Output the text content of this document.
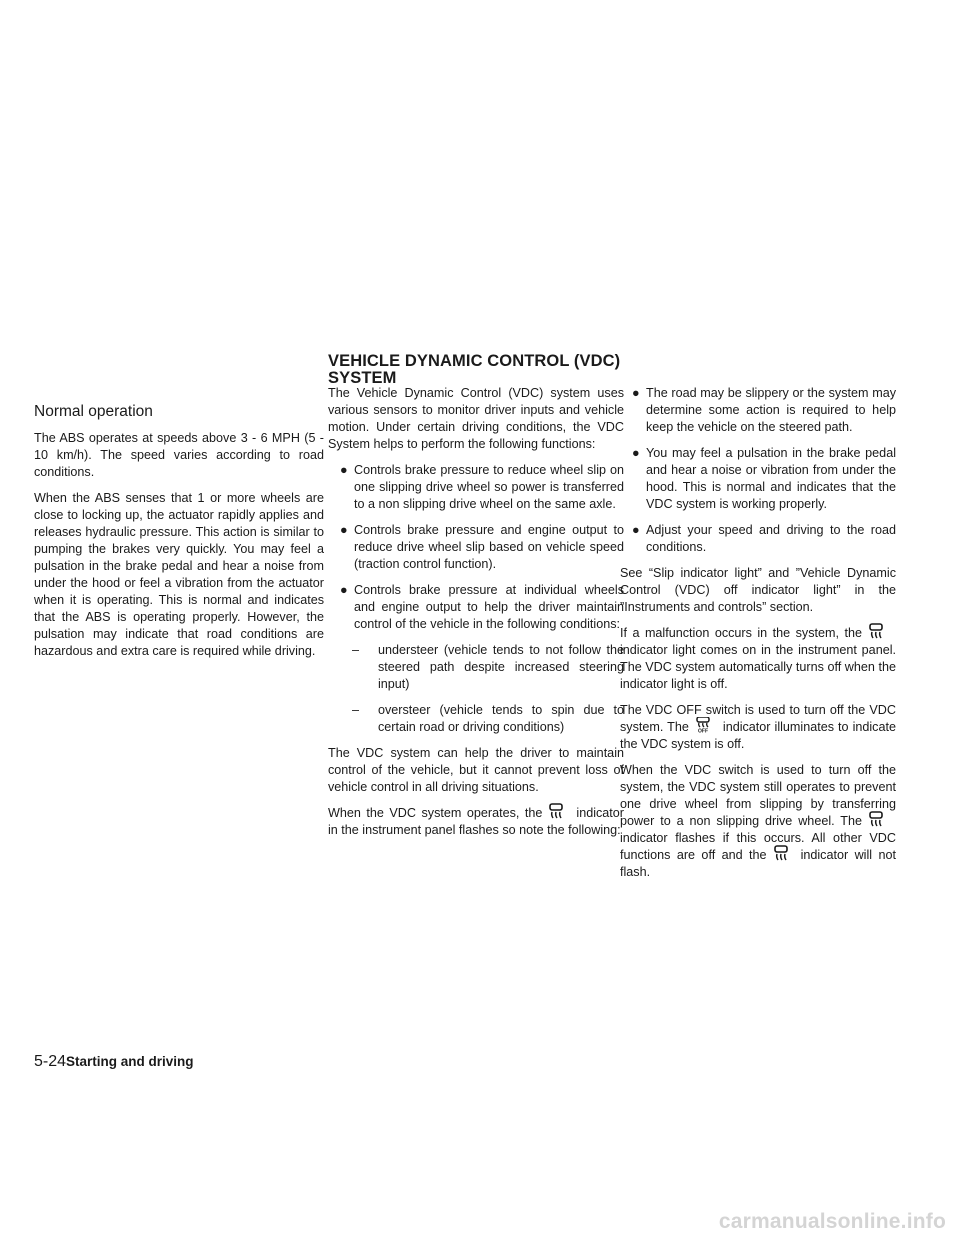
VEHICLE DYNAMIC CONTROL (VDC)
SYSTEM
Normal operation

The ABS operates at speeds above 3 - 6 MPH (5 - 10 km/h). The speed varies according to road conditions.

When the ABS senses that 1 or more wheels are close to locking up, the actuator rapidly applies and releases hydraulic pressure. This action is similar to pumping the brakes very quickly. You may feel a pulsation in the brake pedal and hear a noise from under the hood or feel a vibration from the actuator when it is operating. This is normal and indicates that the ABS is operating properly. However, the pulsation may indicate that road conditions are hazardous and extra care is required while driving.

The Vehicle Dynamic Control (VDC) system uses various sensors to monitor driver inputs and vehicle motion. Under certain driving conditions, the VDC System helps to perform the following functions:

● Controls brake pressure to reduce wheel slip on one slipping drive wheel so power is transferred to a non slipping drive wheel on the same axle.
● Controls brake pressure and engine output to reduce drive wheel slip based on vehicle speed (traction control function).
● Controls brake pressure at individual wheels and engine output to help the driver maintain control of the vehicle in the following conditions:
– understeer (vehicle tends to not follow the steered path despite increased steering input)
– oversteer (vehicle tends to spin due to certain road or driving conditions)

The VDC system can help the driver to maintain control of the vehicle, but it cannot prevent loss of vehicle control in all driving situations.

When the VDC system operates, the	indicator in the instrument panel flashes so note the following:

● The road may be slippery or the system may determine some action is required to help keep the vehicle on the steered path.
● You may feel a pulsation in the brake pedal and hear a noise or vibration from under the hood. This is normal and indicates that the VDC system is working properly.
● Adjust your speed and driving to the road conditions.

See “Slip indicator light” and ”Vehicle Dynamic Control (VDC) off indicator light” in the ”Instruments and controls” section.

If a malfunction occurs in the system, the
indicator light comes on in the instrument panel. The VDC system automatically turns off when the indicator light is off.

The VDC OFF switch is used to turn off the VDC system. The OFF indicator illuminates to indicate the VDC system is off.

When the VDC switch is used to turn off the system, the VDC system still operates to prevent one drive wheel from slipping by transferring power to a non slipping drive wheel. The
indicator flashes if this occurs. All other VDC functions are off and the	indicator will not flash.

5-24Starting and driving
carmanualsonline.info
